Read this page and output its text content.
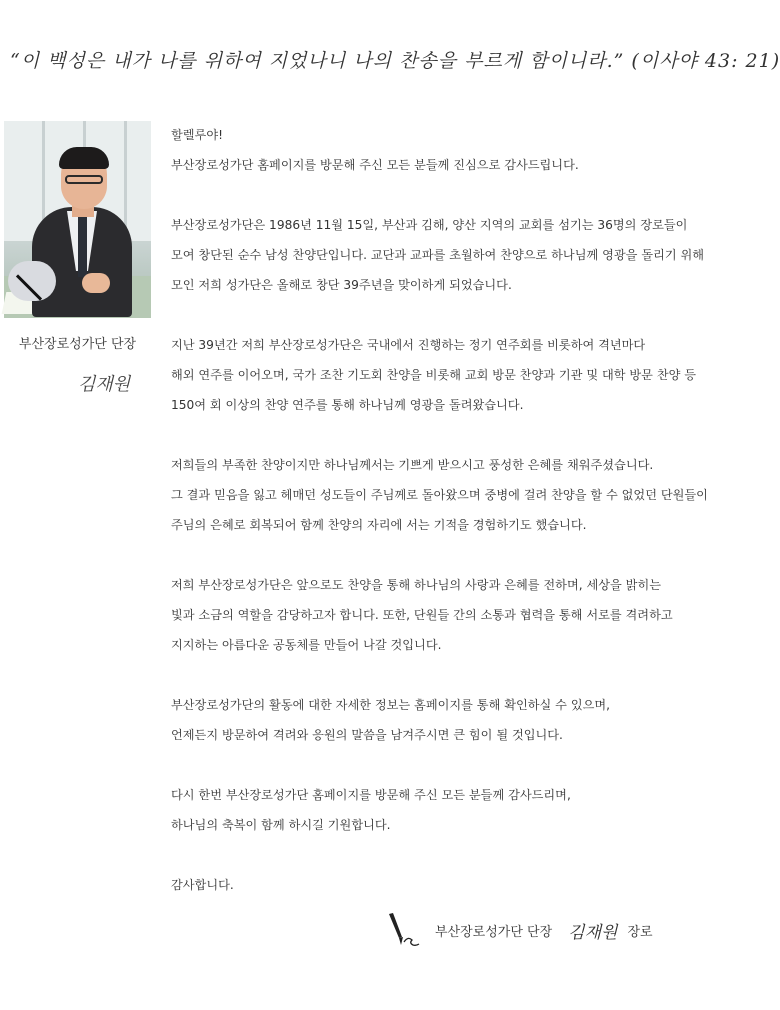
“이 백성은 내가 나를 위하여 지었나니 나의 찬송을 부르게 함이니라.” (이사야 43: 21)
부산장로성가단 단장
김재원
할렐루야!
부산장로성가단 홈페이지를 방문해 주신 모든 분들께 진심으로 감사드립니다.
부산장로성가단은 1986년 11월 15일, 부산과 김해, 양산 지역의 교회를 섬기는 36명의 장로들이
모여 창단된 순수 남성 찬양단입니다. 교단과 교파를 초월하여 찬양으로 하나님께 영광을 돌리기 위해
모인 저희 성가단은 올해로 창단 39주년을 맞이하게 되었습니다.
지난 39년간 저희 부산장로성가단은 국내에서 진행하는 정기 연주회를 비롯하여 격년마다
해외 연주를 이어오며, 국가 조찬 기도회 찬양을 비롯해 교회 방문 찬양과 기관 및 대학 방문 찬양 등
150여 회 이상의 찬양 연주를 통해 하나님께 영광을 돌려왔습니다.
저희들의 부족한 찬양이지만 하나님께서는 기쁘게 받으시고 풍성한 은혜를 채워주셨습니다.
그 결과 믿음을 잃고 헤매던 성도들이 주님께로 돌아왔으며 중병에 걸려 찬양을 할 수 없었던 단원들이
주님의 은혜로 회복되어 함께 찬양의 자리에 서는 기적을 경험하기도 했습니다.
저희 부산장로성가단은 앞으로도 찬양을 통해 하나님의 사랑과 은혜를 전하며, 세상을 밝히는
빛과 소금의 역할을 감당하고자 합니다. 또한, 단원들 간의 소통과 협력을 통해 서로를 격려하고
지지하는 아름다운 공동체를 만들어 나갈 것입니다.
부산장로성가단의 활동에 대한 자세한 정보는 홈페이지를 통해 확인하실 수 있으며,
언제든지 방문하여 격려와 응원의 말씀을 남겨주시면 큰 힘이 될 것입니다.
다시 한번 부산장로성가단 홈페이지를 방문해 주신 모든 분들께 감사드리며,
하나님의 축복이 함께 하시길 기원합니다.
감사합니다.
부산장로성가단 단장 김재원 장로
